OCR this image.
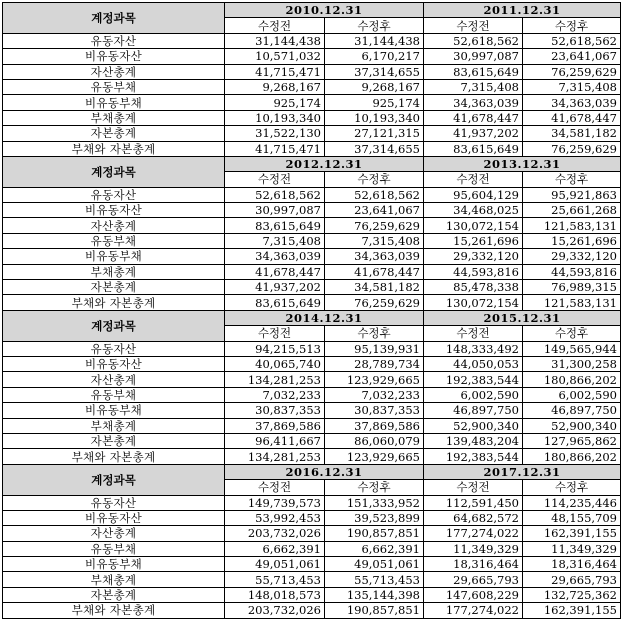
계정과목	2010.12.31		2011.12.31	
	수정전	수정후	수정전	수정후
유동자산	31,144,438	31,144,438	52,618,562	52,618,562
비유동자산	10,571,032	6,170,217	30,997,087	23,641,067
자산총계	41,715,471	37,314,655	83,615,649	76,259,629
유동부채	9,268,167	9,268,167	7,315,408	7,315,408
비유동부채	925,174	925,174	34,363,039	34,363,039
부채총계	10,193,340	10,193,340	41,678,447	41,678,447
자본총계	31,522,130	27,121,315	41,937,202	34,581,182
부채와 자본총계	41,715,471	37,314,655	83,615,649	76,259,629
계정과목	2012.12.31		2013.12.31	
	수정전	수정후	수정전	수정후
유동자산	52,618,562	52,618,562	95,604,129	95,921,863
비유동자산	30,997,087	23,641,067	34,468,025	25,661,268
자산총계	83,615,649	76,259,629	130,072,154	121,583,131
유동부채	7,315,408	7,315,408	15,261,696	15,261,696
비유동부채	34,363,039	34,363,039	29,332,120	29,332,120
부채총계	41,678,447	41,678,447	44,593,816	44,593,816
자본총계	41,937,202	34,581,182	85,478,338	76,989,315
부채와 자본총계	83,615,649	76,259,629	130,072,154	121,583,131
계정과목	2014.12.31		2015.12.31	
	수정전	수정후	수정전	수정후
유동자산	94,215,513	95,139,931	148,333,492	149,565,944
비유동자산	40,065,740	28,789,734	44,050,053	31,300,258
자산총계	134,281,253	123,929,665	192,383,544	180,866,202
유동부채	7,032,233	7,032,233	6,002,590	6,002,590
비유동부채	30,837,353	30,837,353	46,897,750	46,897,750
부채총계	37,869,586	37,869,586	52,900,340	52,900,340
자본총계	96,411,667	86,060,079	139,483,204	127,965,862
부채와 자본총계	134,281,253	123,929,665	192,383,544	180,866,202
계정과목	2016.12.31		2017.12.31	
	수정전	수정후	수정전	수정후
유동자산	149,739,573	151,333,952	112,591,450	114,235,446
비유동자산	53,992,453	39,523,899	64,682,572	48,155,709
자산총계	203,732,026	190,857,851	177,274,022	162,391,155
유동부채	6,662,391	6,662,391	11,349,329	11,349,329
비유동부채	49,051,061	49,051,061	18,316,464	18,316,464
부채총계	55,713,453	55,713,453	29,665,793	29,665,793
자본총계	148,018,573	135,144,398	147,608,229	132,725,362
부채와 자본총계	203,732,026	190,857,851	177,274,022	162,391,155
